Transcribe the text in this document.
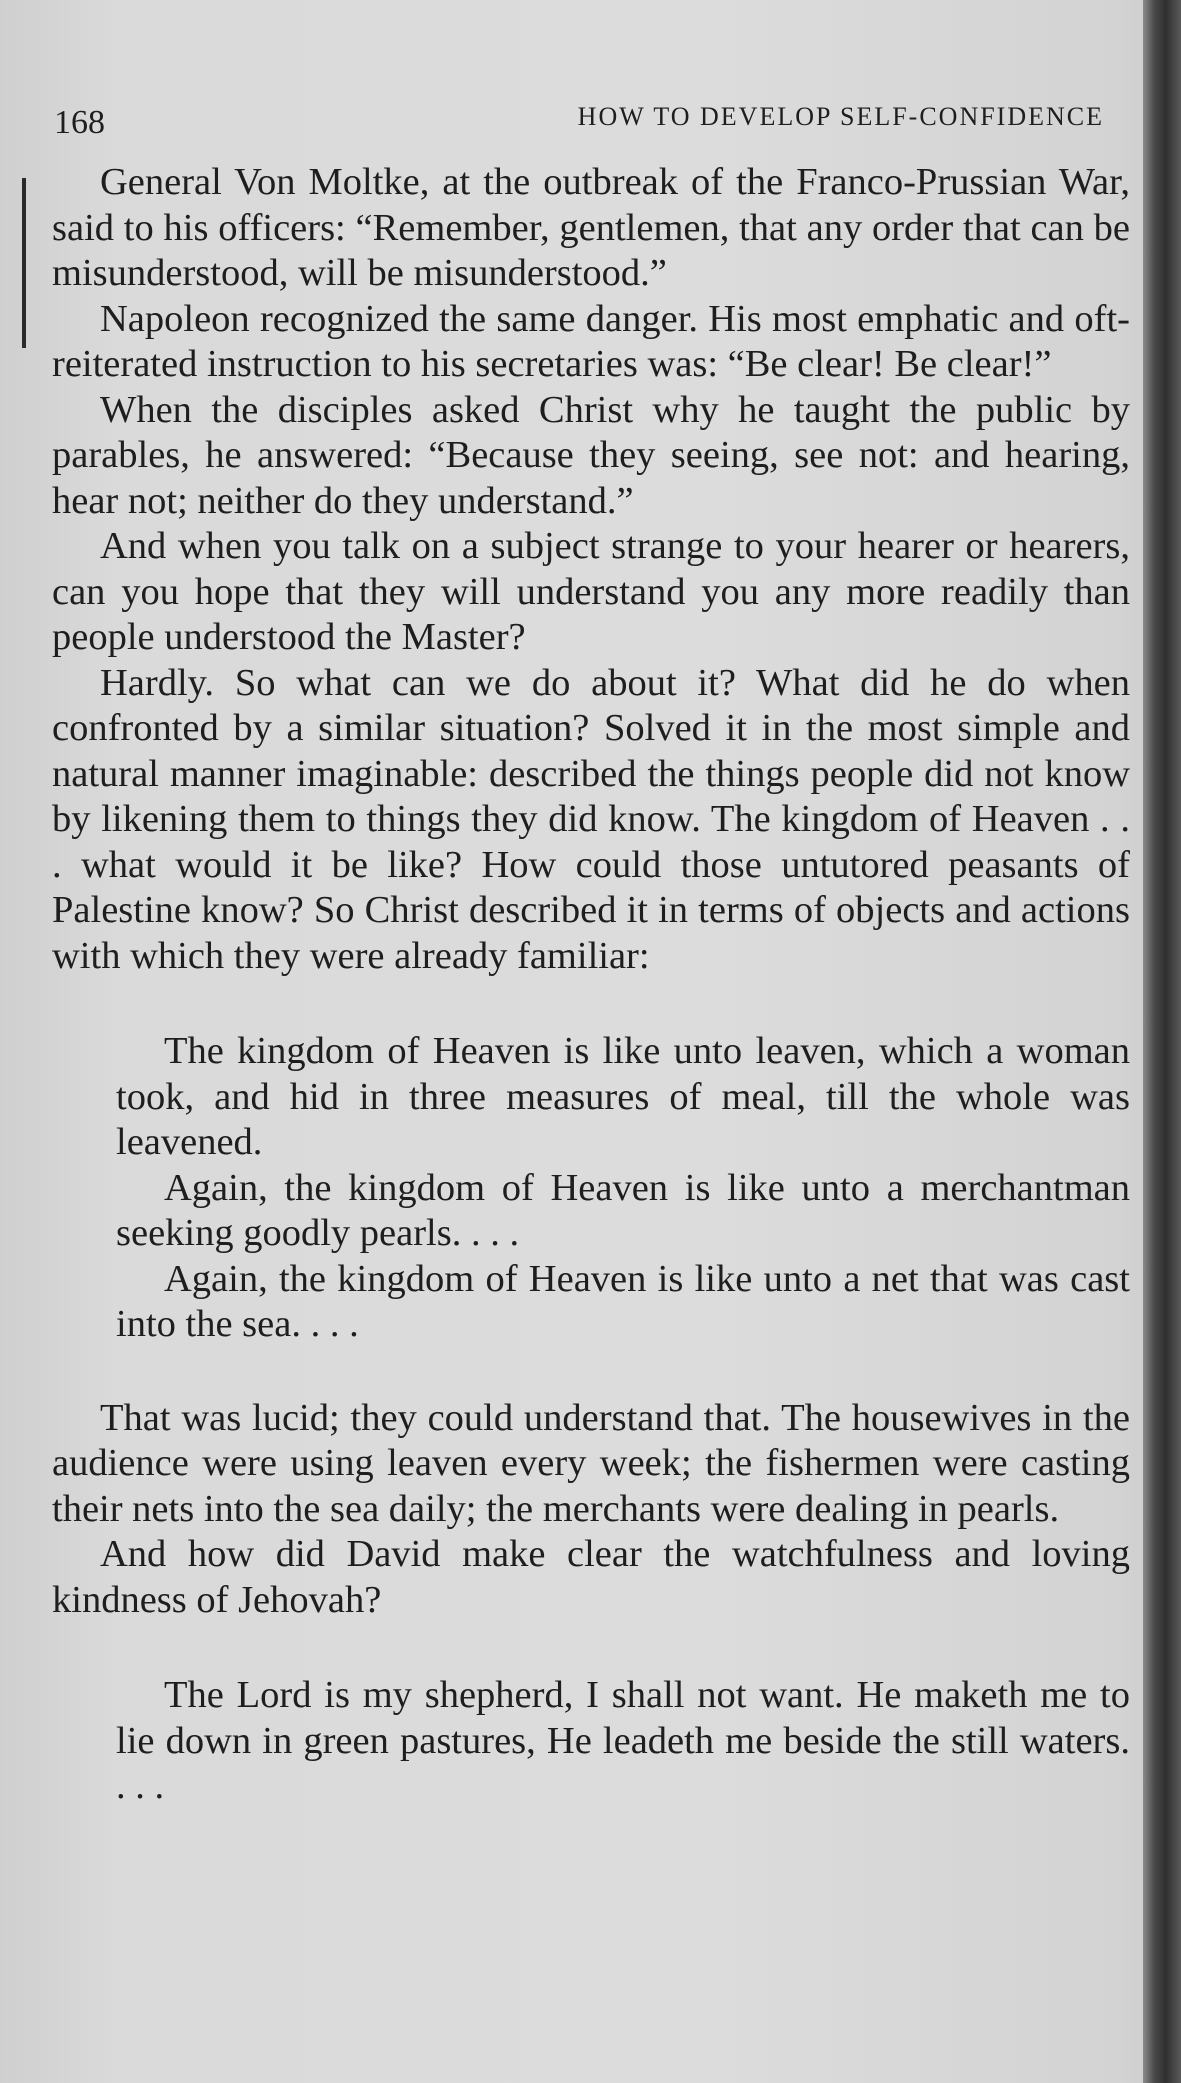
168	HOW TO DEVELOP SELF-CONFIDENCE

General Von Moltke, at the outbreak of the Franco-Prussian War, said to his officers: “Remember, gentlemen, that any order that can be misunderstood, will be misunderstood.”

Napoleon recognized the same danger. His most emphatic and oft-reiterated instruction to his secretaries was: “Be clear! Be clear!”

When the disciples asked Christ why he taught the public by parables, he answered: “Because they seeing, see not: and hearing, hear not; neither do they understand.”

And when you talk on a subject strange to your hearer or hearers, can you hope that they will understand you any more readily than people understood the Master?

Hardly. So what can we do about it? What did he do when confronted by a similar situation? Solved it in the most simple and natural manner imaginable: described the things people did not know by likening them to things they did know. The kingdom of Heaven . . . what would it be like? How could those untutored peasants of Palestine know? So Christ described it in terms of objects and actions with which they were already familiar:

The kingdom of Heaven is like unto leaven, which a woman took, and hid in three measures of meal, till the whole was leavened.

Again, the kingdom of Heaven is like unto a merchantman seeking goodly pearls. . . .

Again, the kingdom of Heaven is like unto a net that was cast into the sea. . . .

That was lucid; they could understand that. The housewives in the audience were using leaven every week; the fishermen were casting their nets into the sea daily; the merchants were dealing in pearls.

And how did David make clear the watchfulness and loving kindness of Jehovah?

The Lord is my shepherd, I shall not want. He maketh me to lie down in green pastures, He leadeth me beside the still waters. . . .
